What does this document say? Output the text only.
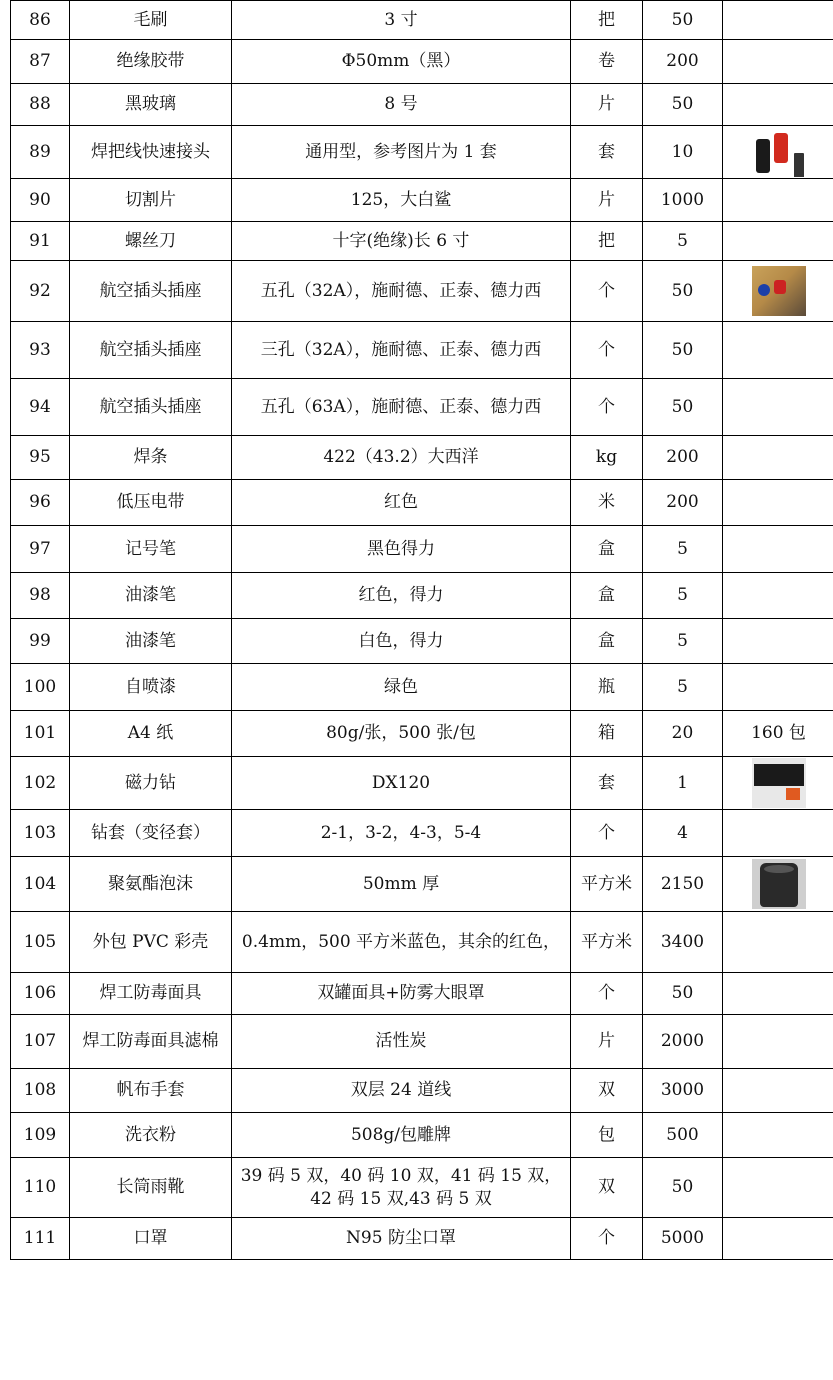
86	毛刷	3 寸	把	50	
87	绝缘胶带	Φ50mm（黑）	卷	200	
88	黑玻璃	8 号	片	50	
89	焊把线快速接头	通用型，参考图片为 1 套	套	10	
90	切割片	125，大白鲨	片	1000	
91	螺丝刀	十字(绝缘)长 6 寸	把	5	
92	航空插头插座	五孔（32A），施耐德、正泰、德力西	个	50	
93	航空插头插座	三孔（32A），施耐德、正泰、德力西	个	50	
94	航空插头插座	五孔（63A），施耐德、正泰、德力西	个	50	
95	焊条	422（43.2）大西洋	kg	200	
96	低压电带	红色	米	200	
97	记号笔	黑色得力	盒	5	
98	油漆笔	红色，得力	盒	5	
99	油漆笔	白色，得力	盒	5	
100	自喷漆	绿色	瓶	5	
101	A4 纸	80g/张，500 张/包	箱	20	160 包
102	磁力钻	DX120	套	1	
103	钻套（变径套）	2-1，3-2，4-3，5-4	个	4	
104	聚氨酯泡沫	50mm 厚	平方米	2150	
105	外包 PVC 彩壳	0.4mm，500 平方米蓝色，其余的红色，	平方米	3400	
106	焊工防毒面具	双罐面具+防雾大眼罩	个	50	
107	焊工防毒面具滤棉	活性炭	片	2000	
108	帆布手套	双层 24 道线	双	3000	
109	洗衣粉	508g/包雕牌	包	500	
110	长筒雨靴	39 码 5 双，40 码 10 双，41 码 15 双，42 码 15 双,43 码 5 双	双	50	
111	口罩	N95 防尘口罩	个	5000	
